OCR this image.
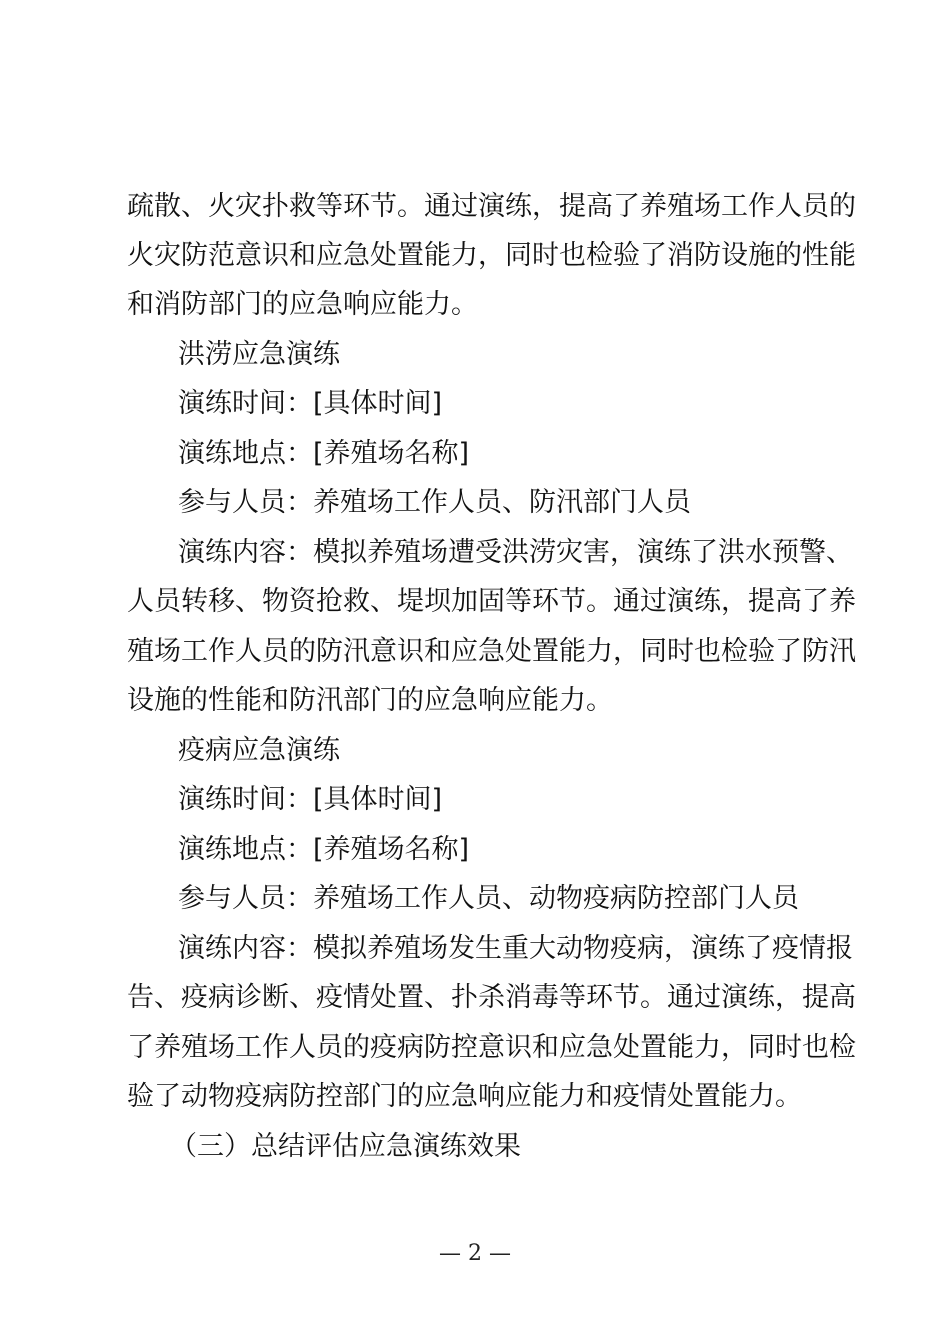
疏散、火灾扑救等环节。通过演练，提高了养殖场工作人员的
火灾防范意识和应急处置能力，同时也检验了消防设施的性能
和消防部门的应急响应能力。
洪涝应急演练
演练时间：[具体时间]
演练地点：[养殖场名称]
参与人员：养殖场工作人员、防汛部门人员
演练内容：模拟养殖场遭受洪涝灾害，演练了洪水预警、
人员转移、物资抢救、堤坝加固等环节。通过演练，提高了养
殖场工作人员的防汛意识和应急处置能力，同时也检验了防汛
设施的性能和防汛部门的应急响应能力。
疫病应急演练
演练时间：[具体时间]
演练地点：[养殖场名称]
参与人员：养殖场工作人员、动物疫病防控部门人员
演练内容：模拟养殖场发生重大动物疫病，演练了疫情报
告、疫病诊断、疫情处置、扑杀消毒等环节。通过演练，提高
了养殖场工作人员的疫病防控意识和应急处置能力，同时也检
验了动物疫病防控部门的应急响应能力和疫情处置能力。
（三）总结评估应急演练效果
— 2 —
